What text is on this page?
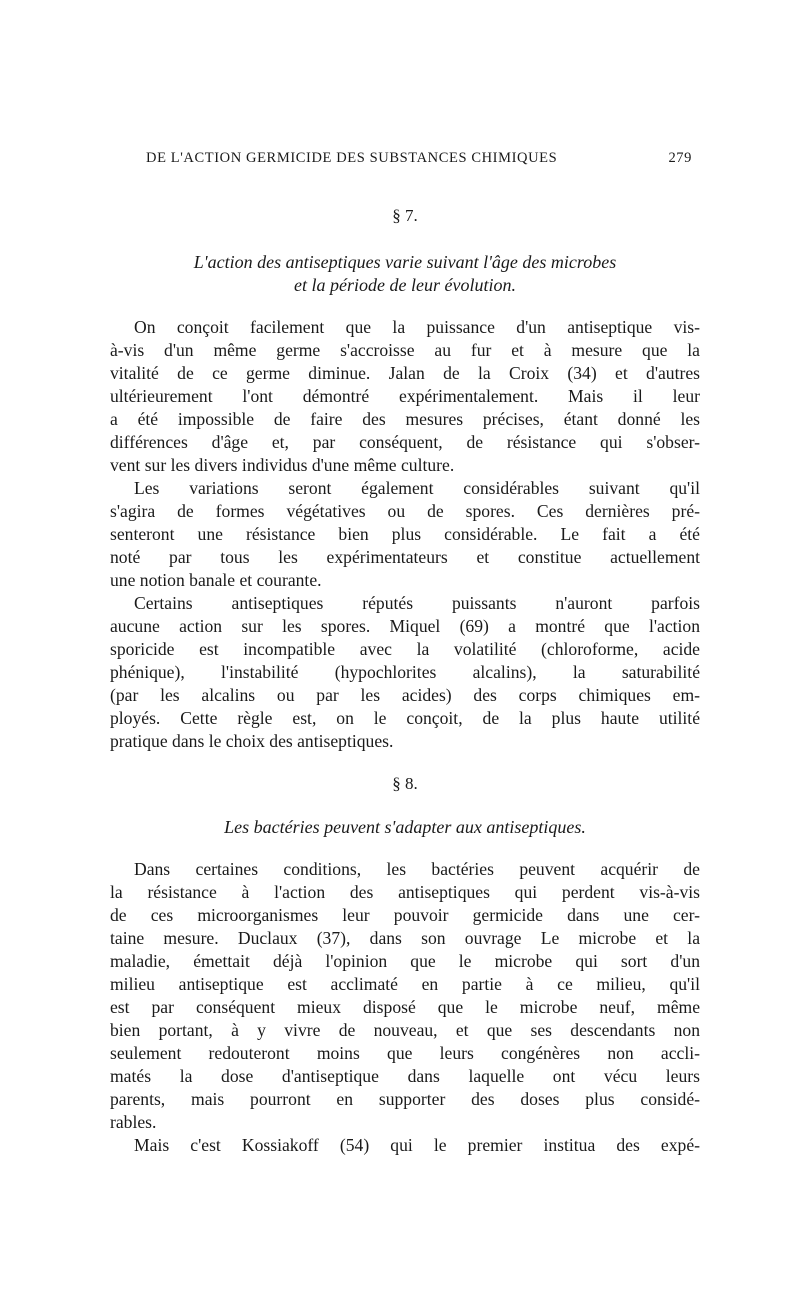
DE L'ACTION GERMICIDE DES SUBSTANCES CHIMIQUES	279
§ 7.
L'action des antiseptiques varie suivant l'âge des microbes
et la période de leur évolution.
On conçoit facilement que la puissance d'un antiseptique vis-
à-vis d'un même germe s'accroisse au fur et à mesure que la
vitalité de ce germe diminue. Jalan de la Croix (34) et d'autres
ultérieurement l'ont démontré expérimentalement. Mais il leur
a été impossible de faire des mesures précises, étant donné les
différences d'âge et, par conséquent, de résistance qui s'obser-
vent sur les divers individus d'une même culture.
Les variations seront également considérables suivant qu'il
s'agira de formes végétatives ou de spores. Ces dernières pré-
senteront une résistance bien plus considérable. Le fait a été
noté par tous les expérimentateurs et constitue actuellement
une notion banale et courante.
Certains antiseptiques réputés puissants n'auront parfois
aucune action sur les spores. Miquel (69) a montré que l'action
sporicide est incompatible avec la volatilité (chloroforme, acide
phénique), l'instabilité (hypochlorites alcalins), la saturabilité
(par les alcalins ou par les acides) des corps chimiques em-
ployés. Cette règle est, on le conçoit, de la plus haute utilité
pratique dans le choix des antiseptiques.
§ 8.
Les bactéries peuvent s'adapter aux antiseptiques.
Dans certaines conditions, les bactéries peuvent acquérir de
la résistance à l'action des antiseptiques qui perdent vis-à-vis
de ces microorganismes leur pouvoir germicide dans une cer-
taine mesure. Duclaux (37), dans son ouvrage Le microbe et la
maladie, émettait déjà l'opinion que le microbe qui sort d'un
milieu antiseptique est acclimaté en partie à ce milieu, qu'il
est par conséquent mieux disposé que le microbe neuf, même
bien portant, à y vivre de nouveau, et que ses descendants non
seulement redouteront moins que leurs congénères non accli-
matés la dose d'antiseptique dans laquelle ont vécu leurs
parents, mais pourront en supporter des doses plus considé-
rables.
Mais c'est Kossiakoff (54) qui le premier institua des expé-
